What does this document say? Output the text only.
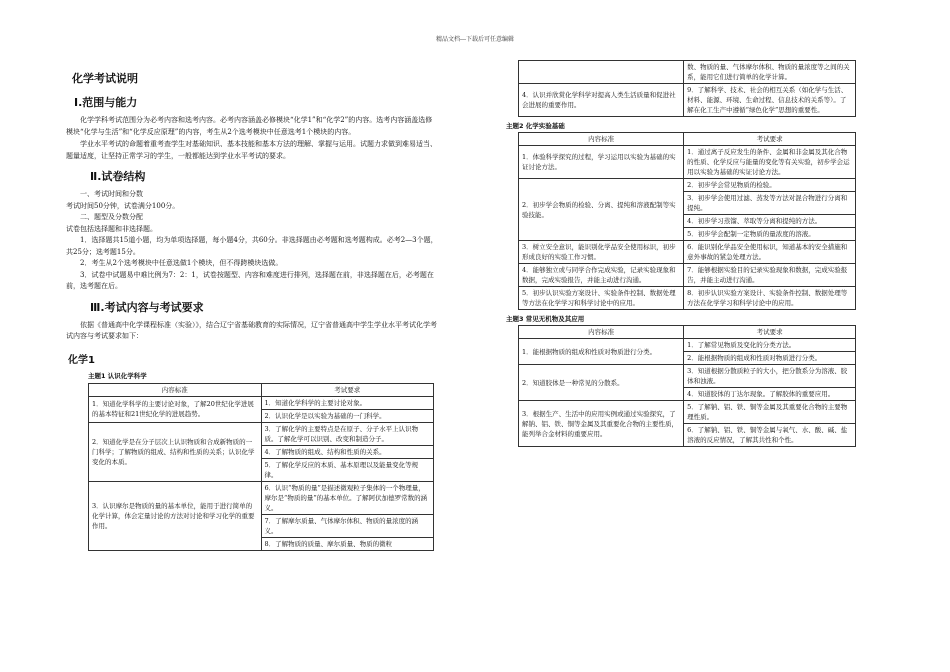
精品文档---下载后可任意编辑
化学考试说明
Ⅰ.范围与能力

化学学科考试范围分为必考内容和选考内容。必考内容涵盖必修模块“化学1”和“化学2”的内容。选考内容涵盖选修模块“化学与生活”和“化学反应原理”的内容，考生从2个选考模块中任意选考1个模块的内容。

学业水平考试的命题着重考查学生对基础知识、基本技能和基本方法的理解、掌握与运用。试题力求做到难易适当、题量适度，让坚持正常学习的学生，一般都能达到学业水平考试的要求。

Ⅱ.试卷结构

一、考试时间和分数

考试时间50分钟，试卷满分100分。

二、题型及分数分配

试卷包括选择题和非选择题。

1．选择题共15道小题，均为单项选择题，每小题4分，共60分。非选择题由必考题和选考题构成。必考2—3个题，共25分；选考题15分。

2．考生从2个选考模块中任意选做1个模块，但不得跨模块选做。

3．试卷中试题易中难比例为7：2：1，试卷按题型、内容和难度进行排列，选择题在前，非选择题在后，必考题在前，选考题在后。

Ⅲ.考试内容与考试要求

依据《普通高中化学课程标准（实验）》，结合辽宁省基础教育的实际情况，辽宁省普通高中学生学业水平考试化学考试内容与考试要求如下：

化学1
主题1 认识化学科学
内容标准	考试要求
1．知道化学科学的主要讨论对象，了解20世纪化学进展的基本特征和21世纪化学的进展趋势。	1．知道化学科学的主要讨论对象。
	2．认识化学是以实验为基础的一门科学。
2．知道化学是在分子层次上认识物质和合成新物质的一门科学；了解物质的组成、结构和性质的关系；认识化学变化的本质。	3．了解化学的主要特点是在原子、分子水平上认识物质。了解化学可以识别、改变和制造分子。
	4．了解物质的组成、结构和性质的关系。
	5．了解化学反应的本质、基本原理以及能量变化等规律。
3．认识摩尔是物质的量的基本单位，能用于进行简单的化学计算，体会定量讨论的方法对讨论和学习化学的重要作用。	6．认识“物质的量”是描述微观粒子集体的一个物理量，摩尔是“物质的量”的基本单位。了解阿伏加德罗常数的涵义。
	7．了解摩尔质量、气体摩尔体积、物质的量浓度的涵义。
	8．了解物质的质量、摩尔质量、物质的微粒
	数、物质的量、气体摩尔体积、物质的量浓度等之间的关系，能用它们进行简单的化学计算。
4．认识并欣赏化学科学对提高人类生活质量和促进社会进展的重要作用。	9．了解科学、技术、社会的相互关系（如化学与生活、材料、能源、环境、生命过程、信息技术的关系等）。了解在化工生产中遵循“绿色化学”思想的重要性。
主题2 化学实验基础
内容标准	考试要求
1．体验科学探究的过程，学习运用以实验为基础的实证讨论方法。	1．通过离子反应发生的条件、金属和非金属及其化合物的性质、化学反应与能量的变化等有关实验，初步学会运用以实验为基础的实证讨论方法。
2．初步学会物质的检验、分离、提纯和溶液配制等实验技能。	2．初步学会常见物质的检验。
	3．初步学会使用过滤、蒸发等方法对混合物进行分离和提纯。
	4．初步学习蒸馏、萃取等分离和提纯的方法。
	5．初步学会配制一定物质的量浓度的溶液。
3．树立安全意识，能识别化学品安全使用标识，初步形成良好的实验工作习惯。	6．能识别化学品安全使用标识，知道基本的安全措施和意外事故的紧急处理方法。
4．能够独立或与同学合作完成实验，记录实验现象和数据，完成实验报告，并能主动进行沟通。	7．能够根据实验目的记录实验现象和数据，完成实验报告，并能主动进行沟通。
5．初步认识实验方案设计、实验条件控制、数据处理等方法在化学学习和科学讨论中的应用。	8．初步认识实验方案设计、实验条件控制、数据处理等方法在化学学习和科学讨论中的应用。
主题3 常见无机物及其应用
内容标准	考试要求
1．能根据物质的组成和性质对物质进行分类。	1．了解常见物质及变化的分类方法。
	2．能根据物质的组成和性质对物质进行分类。
2．知道胶体是一种常见的分散系。	3．知道根据分散质粒子的大小，把分散系分为溶液、胶体和浊液。
	4．知道胶体的丁达尔现象。了解胶体的重要应用。
3．根据生产、生活中的应用实例或通过实验探究，了解钠、铝、铁、铜等金属及其重要化合物的主要性质，能列举合金材料的重要应用。	5．了解钠、铝、铁、铜等金属及其重要化合物的主要物理性质。
	6．了解钠、铝、铁、铜等金属与氧气、水、酸、碱、盐溶液的反应情况，了解其共性和个性。
